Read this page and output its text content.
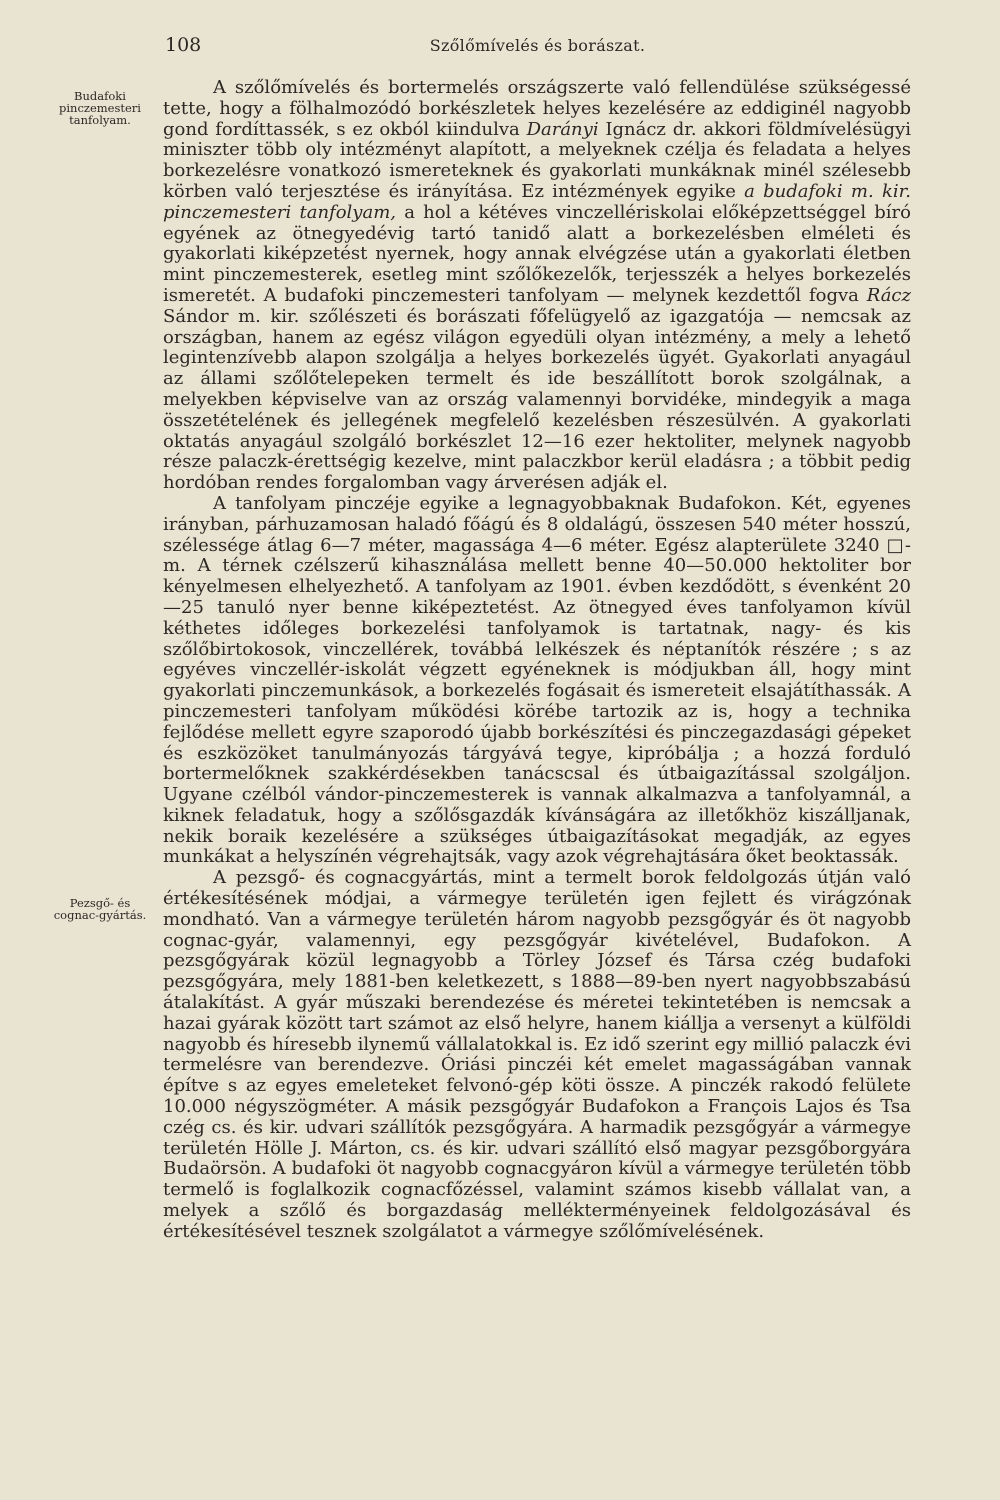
108	Szőlőmívelés és borászat.
Budafoki pinczemesteri tanfolyam.
Pezsgő- és cognac-gyártás.

A szőlőmívelés és bortermelés országszerte való fellendülése szükségessé tette, hogy a fölhalmozódó borkészletek helyes kezelésére az eddiginél nagyobb gond fordíttassék, s ez okból kiindulva Darányi Ignácz dr. akkori földmívelésügyi miniszter több oly intézményt alapított, a melyeknek czélja és feladata a helyes borkezelésre vonatkozó ismereteknek és gyakorlati munkáknak minél szélesebb körben való terjesztése és irányítása. Ez intézmények egyike a budafoki m. kir. pinczemesteri tanfolyam, a hol a kétéves vinczellériskolai előképzettséggel bíró egyének az ötnegyedévig tartó tanidő alatt a borkezelésben elméleti és gyakorlati kiképzetést nyernek, hogy annak elvégzése után a gyakorlati életben mint pinczemesterek, esetleg mint szőlőkezelők, terjesszék a helyes borkezelés ismeretét. A budafoki pinczemesteri tanfolyam — melynek kezdettől fogva Rácz Sándor m. kir. szőlészeti és borászati főfelügyelő az igazgatója — nemcsak az országban, hanem az egész világon egyedüli olyan intézmény, a mely a lehető legintenzívebb alapon szolgálja a helyes borkezelés ügyét. Gyakorlati anyagául az állami szőlőtelepeken termelt és ide beszállított borok szolgálnak, a melyekben képviselve van az ország valamennyi borvidéke, mindegyik a maga összetételének és jellegének megfelelő kezelésben részesülvén. A gyakorlati oktatás anyagául szolgáló borkészlet 12—16 ezer hektoliter, melynek nagyobb része palaczk-érettségig kezelve, mint palaczkbor kerül eladásra ; a többit pedig hordóban rendes forgalomban vagy árverésen adják el.

A tanfolyam pinczéje egyike a legnagyobbaknak Budafokon. Két, egyenes irányban, párhuzamosan haladó főágú és 8 oldalágú, összesen 540 méter hosszú, szélessége átlag 6—7 méter, magassága 4—6 méter. Egész alapterülete 3240 □-m. A térnek czélszerű kihasználása mellett benne 40—50.000 hektoliter bor kényelmesen elhelyezhető. A tanfolyam az 1901. évben kezdődött, s évenként 20—25 tanuló nyer benne kiképeztetést. Az ötnegyed éves tanfolyamon kívül kéthetes időleges borkezelési tanfolyamok is tartatnak, nagy- és kis szőlőbirtokosok, vinczellérek, továbbá lelkészek és néptanítók részére ; s az egyéves vinczellér-iskolát végzett egyéneknek is módjukban áll, hogy mint gyakorlati pinczemunkások, a borkezelés fogásait és ismereteit elsajátíthassák. A pinczemesteri tanfolyam működési körébe tartozik az is, hogy a technika fejlődése mellett egyre szaporodó újabb borkészítési és pinczegazdasági gépeket és eszközöket tanulmányozás tárgyává tegye, kipróbálja ; a hozzá forduló bortermelőknek szakkérdésekben tanácscsal és útbaigazítással szolgáljon. Ugyane czélból vándor-pinczemesterek is vannak alkalmazva a tanfolyamnál, a kiknek feladatuk, hogy a szőlősgazdák kívánságára az illetőkhöz kiszálljanak, nekik boraik kezelésére a szükséges útbaigazításokat megadják, az egyes munkákat a helyszínén végrehajtsák, vagy azok végrehajtására őket beoktassák.

A pezsgő- és cognacgyártás, mint a termelt borok feldolgozás útján való értékesítésének módjai, a vármegye területén igen fejlett és virágzónak mondható. Van a vármegye területén három nagyobb pezsgőgyár és öt nagyobb cognac-gyár, valamennyi, egy pezsgőgyár kivételével, Budafokon. A pezsgőgyárak közül legnagyobb a Törley József és Társa czég budafoki pezsgőgyára, mely 1881-ben keletkezett, s 1888—89-ben nyert nagyobbszabású átalakítást. A gyár műszaki berendezése és méretei tekintetében is nemcsak a hazai gyárak között tart számot az első helyre, hanem kiállja a versenyt a külföldi nagyobb és híresebb ilynemű vállalatokkal is. Ez idő szerint egy millió palaczk évi termelésre van berendezve. Óriási pinczéi két emelet magasságában vannak építve s az egyes emeleteket felvonó-gép köti össze. A pinczék rakodó felülete 10.000 négyszögméter. A másik pezsgőgyár Budafokon a François Lajos és Tsa czég cs. és kir. udvari szállítók pezsgőgyára. A harmadik pezsgőgyár a vármegye területén Hölle J. Márton, cs. és kir. udvari szállító első magyar pezsgőborgyára Budaörsön. A budafoki öt nagyobb cognacgyáron kívül a vármegye területén több termelő is foglalkozik cognacfőzéssel, valamint számos kisebb vállalat van, a melyek a szőlő és borgazdaság mellékterményeinek feldolgozásával és értékesítésével tesznek szolgálatot a vármegye szőlőmívelésének.
